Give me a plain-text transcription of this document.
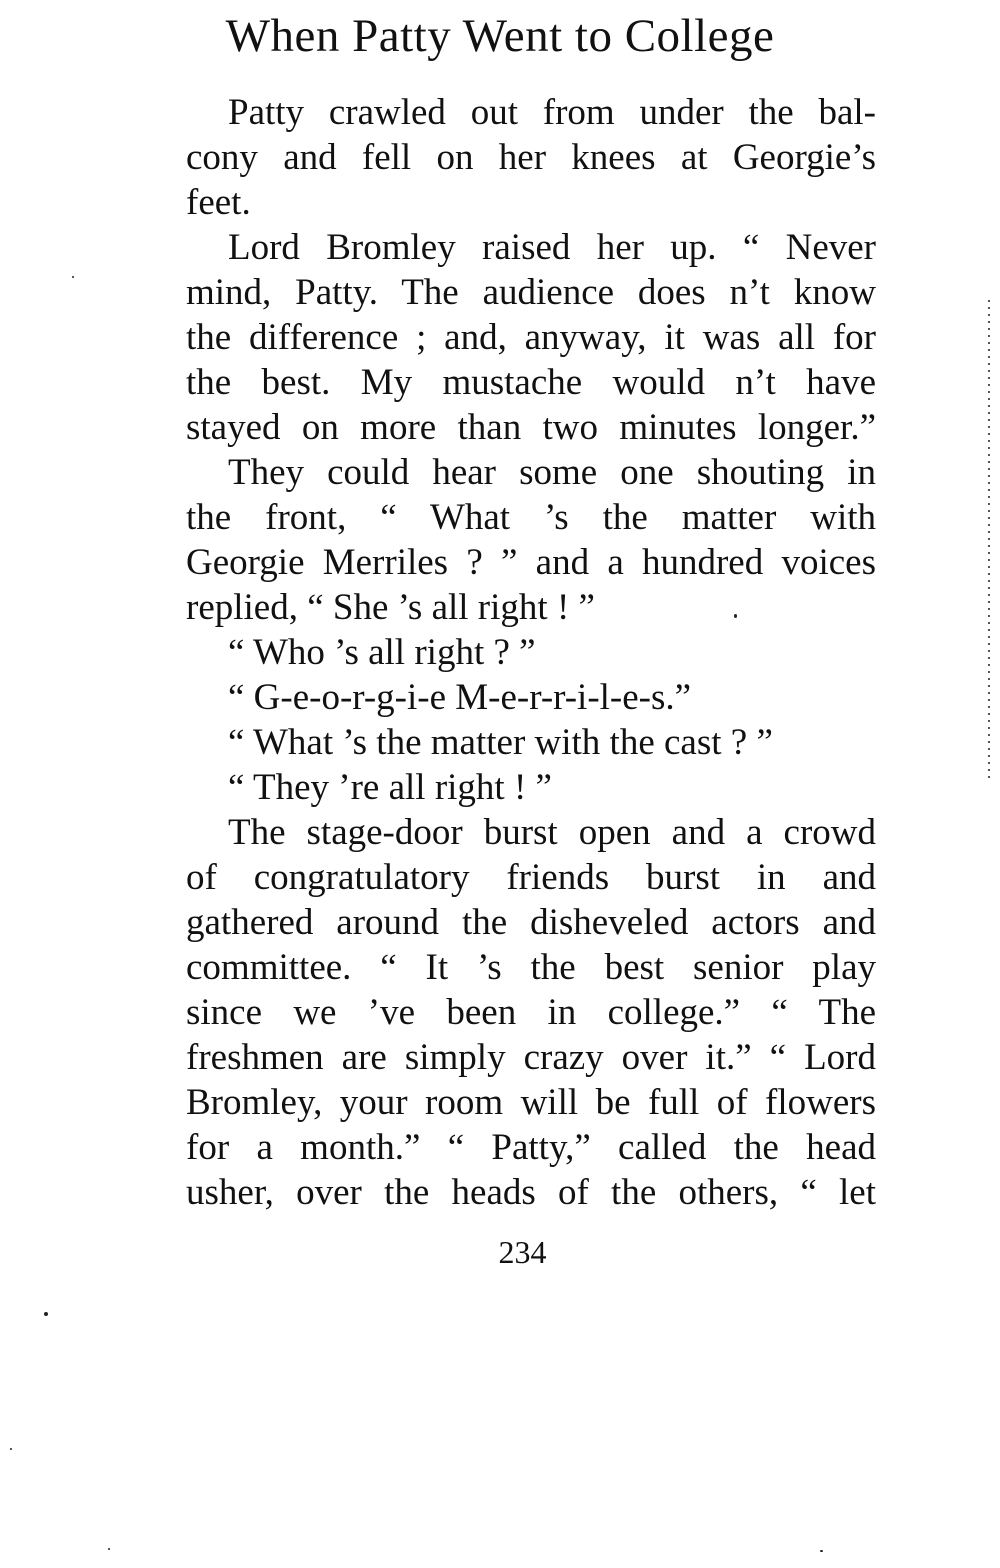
When Patty Went to College
Patty crawled out from under the bal-
cony and fell on her knees at Georgie’s
feet.
Lord Bromley raised her up. “ Never
mind, Patty. The audience does n’t know
the difference ; and, anyway, it was all for
the best. My mustache would n’t have
stayed on more than two minutes longer.”
They could hear some one shouting in
the front, “ What ’s the matter with
Georgie Merriles ? ” and a hundred voices
replied, “ She ’s all right ! ”
“ Who ’s all right ? ”
“ G-e-o-r-g-i-e M-e-r-r-i-l-e-s.”
“ What ’s the matter with the cast ? ”
“ They ’re all right ! ”
The stage-door burst open and a crowd
of congratulatory friends burst in and
gathered around the disheveled actors and
committee. “ It ’s the best senior play
since we ’ve been in college.” “ The
freshmen are simply crazy over it.” “ Lord
Bromley, your room will be full of flowers
for a month.” “ Patty,” called the head
usher, over the heads of the others, “ let
234
